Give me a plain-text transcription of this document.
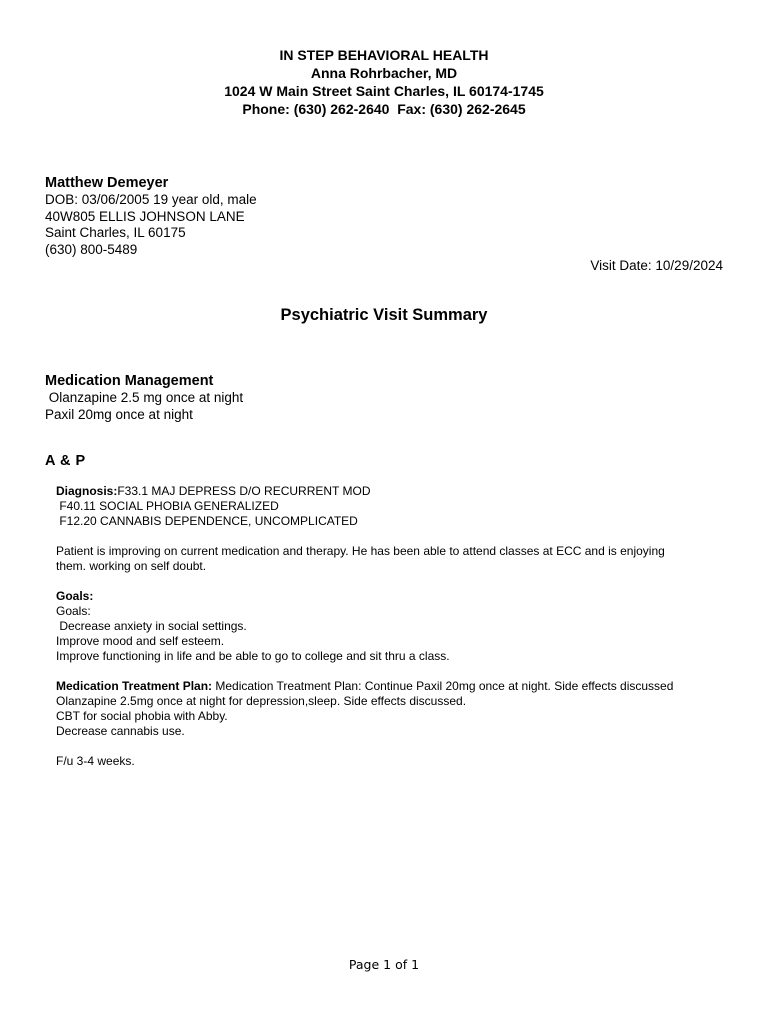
IN STEP BEHAVIORAL HEALTH
Anna Rohrbacher, MD
1024 W Main Street Saint Charles, IL 60174-1745
Phone: (630) 262-2640  Fax: (630) 262-2645
Matthew Demeyer
DOB: 03/06/2005 19 year old, male
40W805 ELLIS JOHNSON LANE
Saint Charles, IL 60175
(630) 800-5489
Visit Date: 10/29/2024
Psychiatric Visit Summary
Medication Management
Olanzapine 2.5 mg once at night
Paxil 20mg once at night
A & P
Diagnosis:F33.1 MAJ DEPRESS D/O RECURRENT MOD
F40.11 SOCIAL PHOBIA GENERALIZED
F12.20 CANNABIS DEPENDENCE, UNCOMPLICATED
Patient is improving on current medication and therapy. He has been able to attend classes at ECC and is enjoying
them. working on self doubt.
Goals:
Goals:
Decrease anxiety in social settings.
Improve mood and self esteem.
Improve functioning in life and be able to go to college and sit thru a class.
Medication Treatment Plan: Medication Treatment Plan: Continue Paxil 20mg once at night. Side effects discussed
Olanzapine 2.5mg once at night for depression,sleep. Side effects discussed.
CBT for social phobia with Abby.
Decrease cannabis use.
F/u 3-4 weeks.
Page 1 of 1
